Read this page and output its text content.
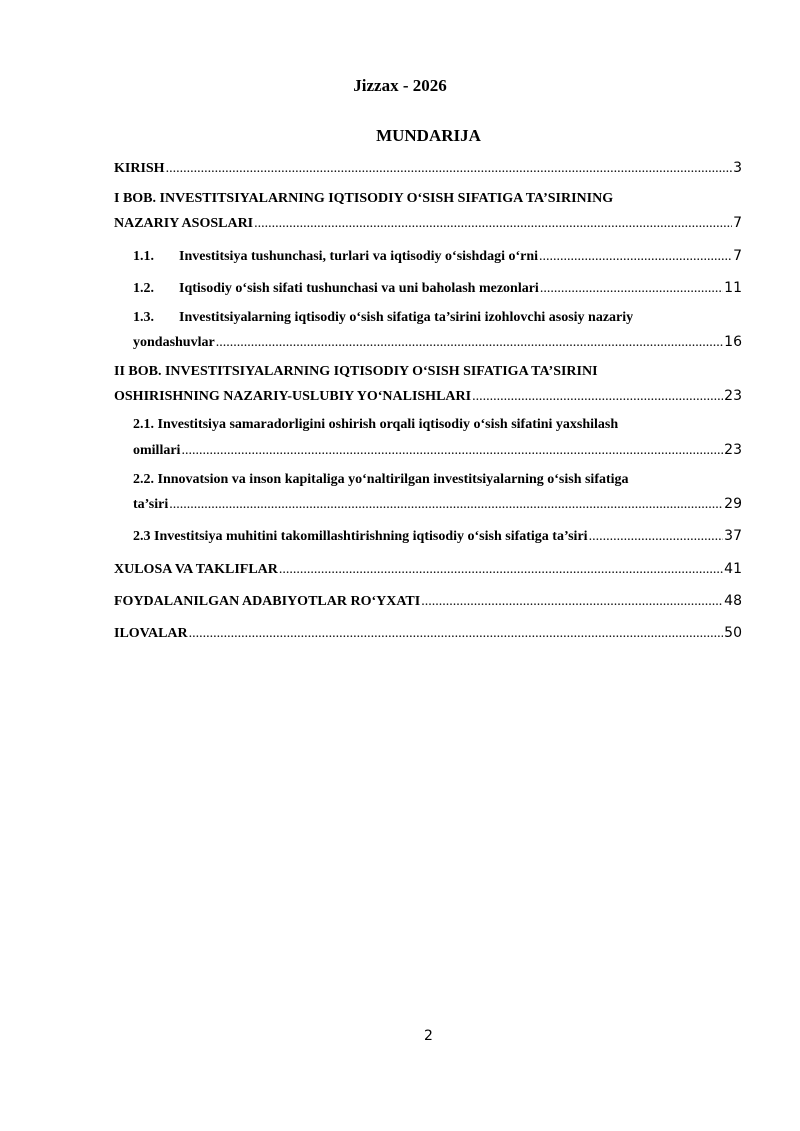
Jizzax - 2026
MUNDARIJA
KIRISH .....	3
I BOB. INVESTITSIYALARNING IQTISODIY O‘SISH SIFATIGA TA’SIRINING
NAZARIY ASOSLARI .....	7
1.1. Investitsiya tushunchasi, turlari va iqtisodiy o‘sishdagi o‘rni .....	7
1.2. Iqtisodiy o‘sish sifati tushunchasi va uni baholash mezonlari .....	11
1.3. Investitsiyalarning iqtisodiy o‘sish sifatiga ta’sirini izohlovchi asosiy nazariy
yondashuvlar .....	16
II BOB. INVESTITSIYALARNING IQTISODIY O‘SISH SIFATIGA TA’SIRINI
OSHIRISHNING NAZARIY-USLUBIY YO‘NALISHLARI .....	23
2.1. Investitsiya samaradorligini oshirish orqali iqtisodiy o‘sish sifatini yaxshilash
omillari .....	23
2.2. Innovatsion va inson kapitaliga yo‘naltirilgan investitsiyalarning o‘sish sifatiga
ta’siri .....	29
2.3 Investitsiya muhitini takomillashtirishning iqtisodiy o‘sish sifatiga ta’siri .....	37
XULOSA VA TAKLIFLAR .....	41
FOYDALANILGAN ADABIYOTLAR RO‘YXATI .....	48
ILOVALAR .....	50
2
